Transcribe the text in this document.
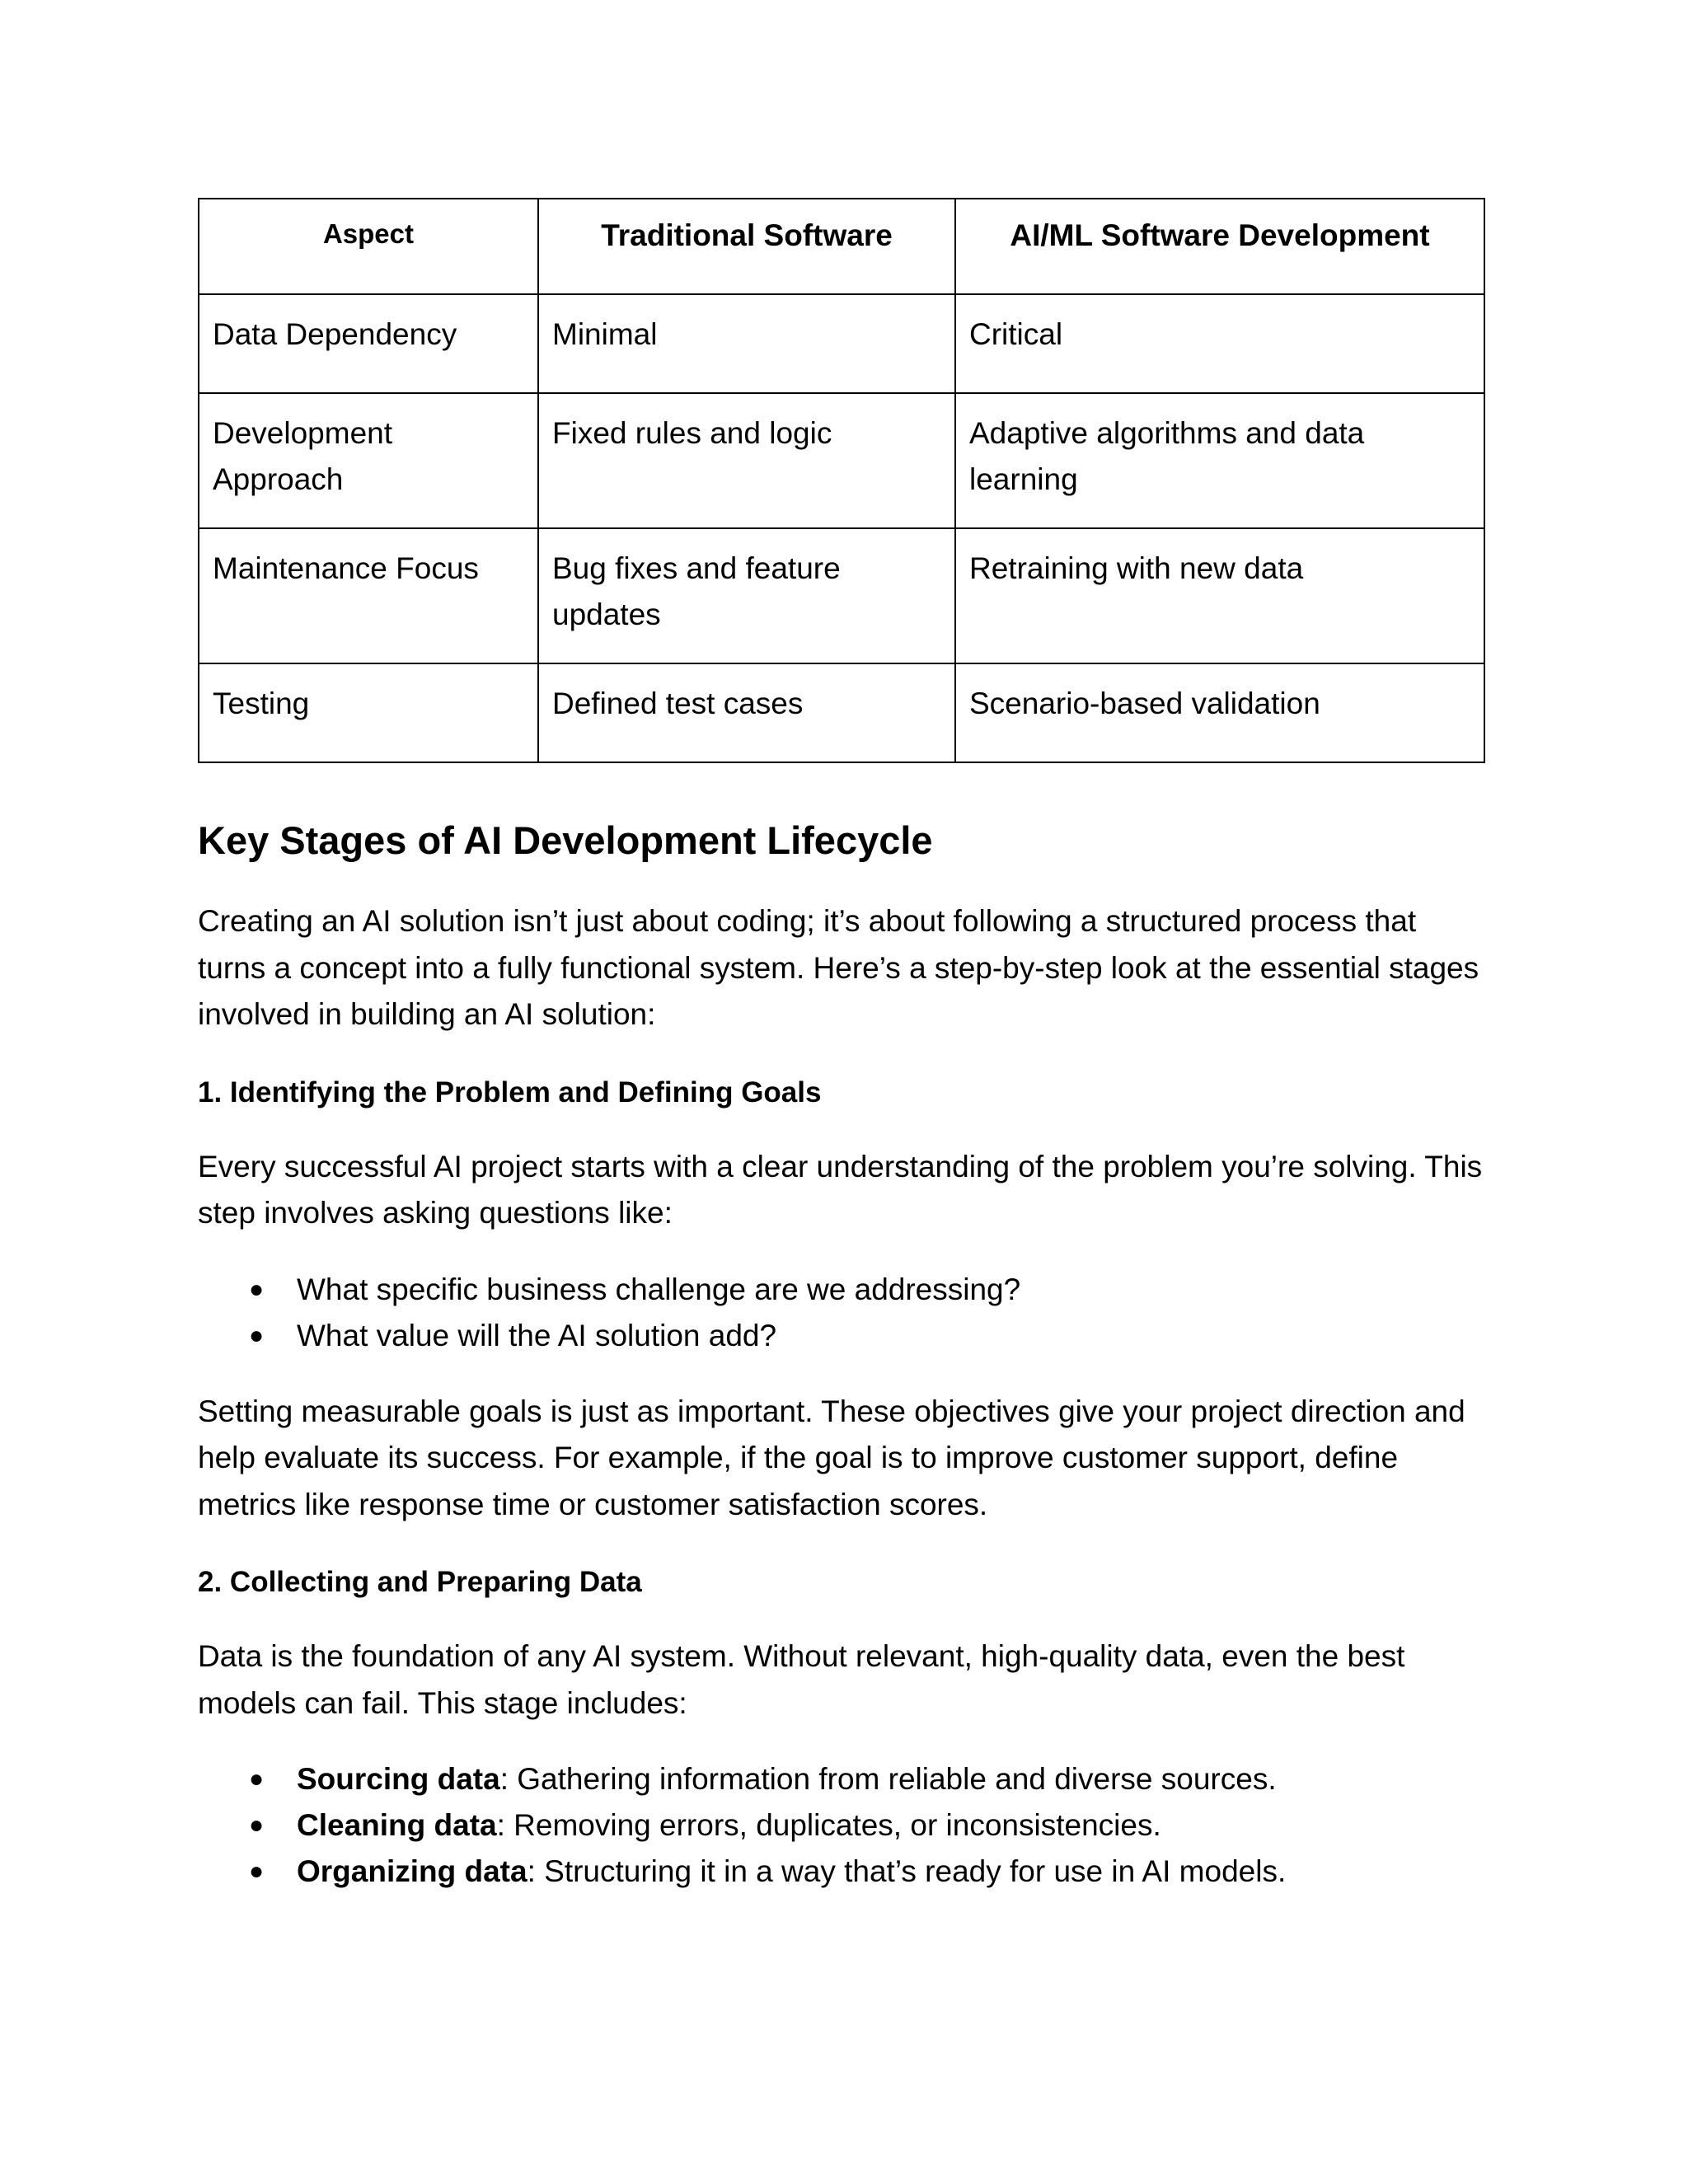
Aspect	Traditional Software	AI/ML Software Development
Data Dependency	Minimal	Critical
Development Approach	Fixed rules and logic	Adaptive algorithms and data learning
Maintenance Focus	Bug fixes and feature updates	Retraining with new data
Testing	Defined test cases	Scenario-based validation
Key Stages of AI Development Lifecycle

Creating an AI solution isn’t just about coding; it’s about following a structured process that turns a concept into a fully functional system. Here’s a step-by-step look at the essential stages involved in building an AI solution:

1. Identifying the Problem and Defining Goals

Every successful AI project starts with a clear understanding of the problem you’re solving. This step involves asking questions like:

● What specific business challenge are we addressing?
● What value will the AI solution add?

Setting measurable goals is just as important. These objectives give your project direction and help evaluate its success. For example, if the goal is to improve customer support, define metrics like response time or customer satisfaction scores.

2. Collecting and Preparing Data

Data is the foundation of any AI system. Without relevant, high-quality data, even the best models can fail. This stage includes:

● Sourcing data: Gathering information from reliable and diverse sources.
● Cleaning data: Removing errors, duplicates, or inconsistencies.
● Organizing data: Structuring it in a way that’s ready for use in AI models.
